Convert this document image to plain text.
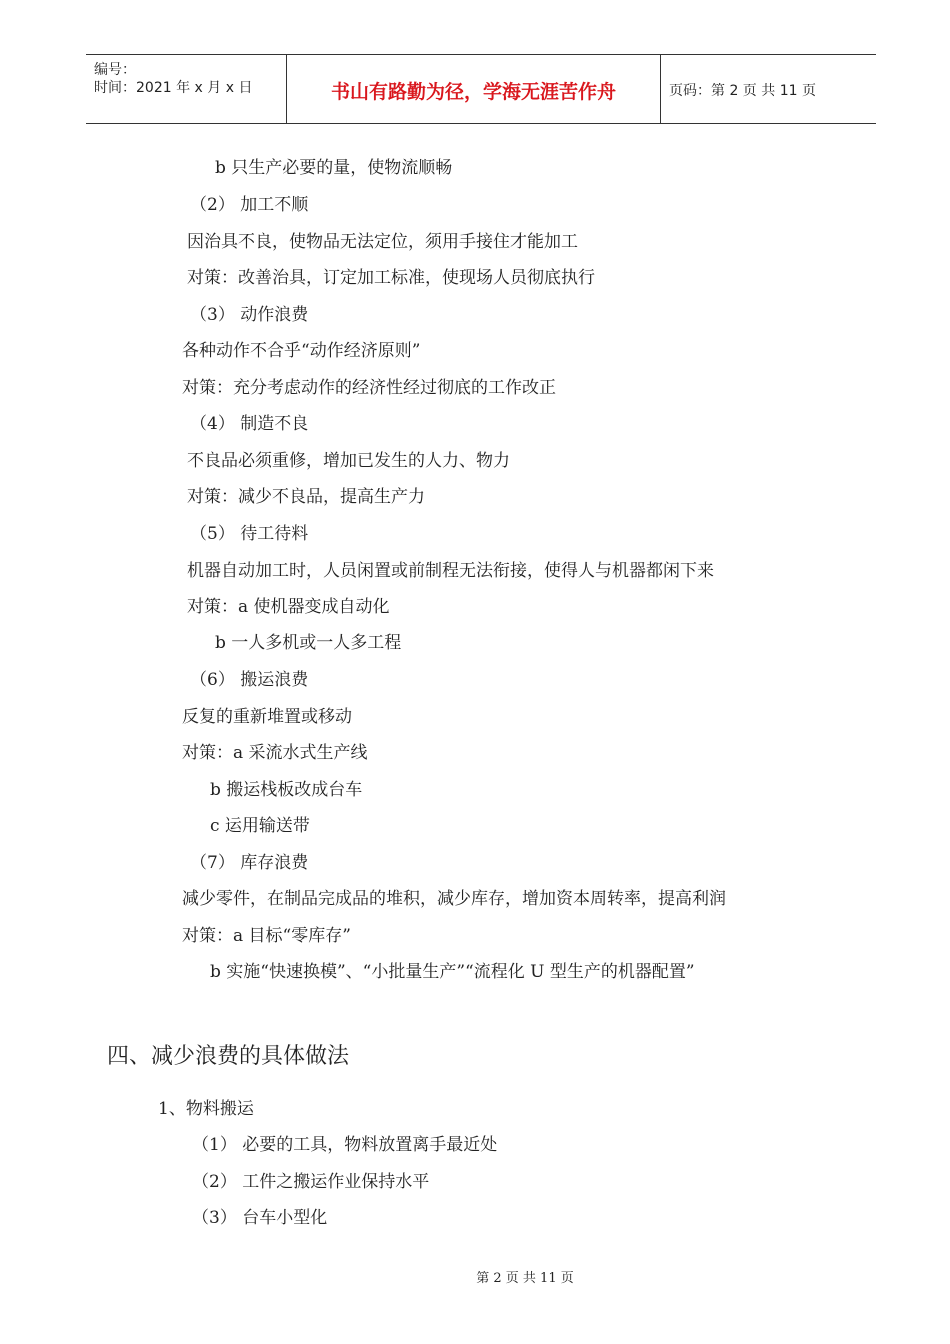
编号：
时间：2021 年 x 月 x 日	书山有路勤为径，学海无涯苦作舟	页码：第 2 页 共 11 页
b 只生产必要的量，使物流顺畅
（2） 加工不顺
因治具不良，使物品无法定位，须用手接住才能加工
对策：改善治具，订定加工标准，使现场人员彻底执行
（3） 动作浪费
各种动作不合乎“动作经济原则”
对策：充分考虑动作的经济性经过彻底的工作改正
（4） 制造不良
不良品必须重修，增加已发生的人力、物力
对策：减少不良品，提高生产力
（5） 待工待料
机器自动加工时，人员闲置或前制程无法衔接，使得人与机器都闲下来
对策：a 使机器变成自动化
b 一人多机或一人多工程
（6） 搬运浪费
反复的重新堆置或移动
对策：a 采流水式生产线
b 搬运栈板改成台车
c 运用输送带
（7） 库存浪费
减少零件，在制品完成品的堆积，减少库存，增加资本周转率，提高利润
对策：a 目标“零库存”
b 实施“快速换模”、“小批量生产”“流程化 U 型生产的机器配置”
四、减少浪费的具体做法
1、物料搬运
（1） 必要的工具，物料放置离手最近处
（2） 工件之搬运作业保持水平
（3） 台车小型化
第 2 页 共 11 页
